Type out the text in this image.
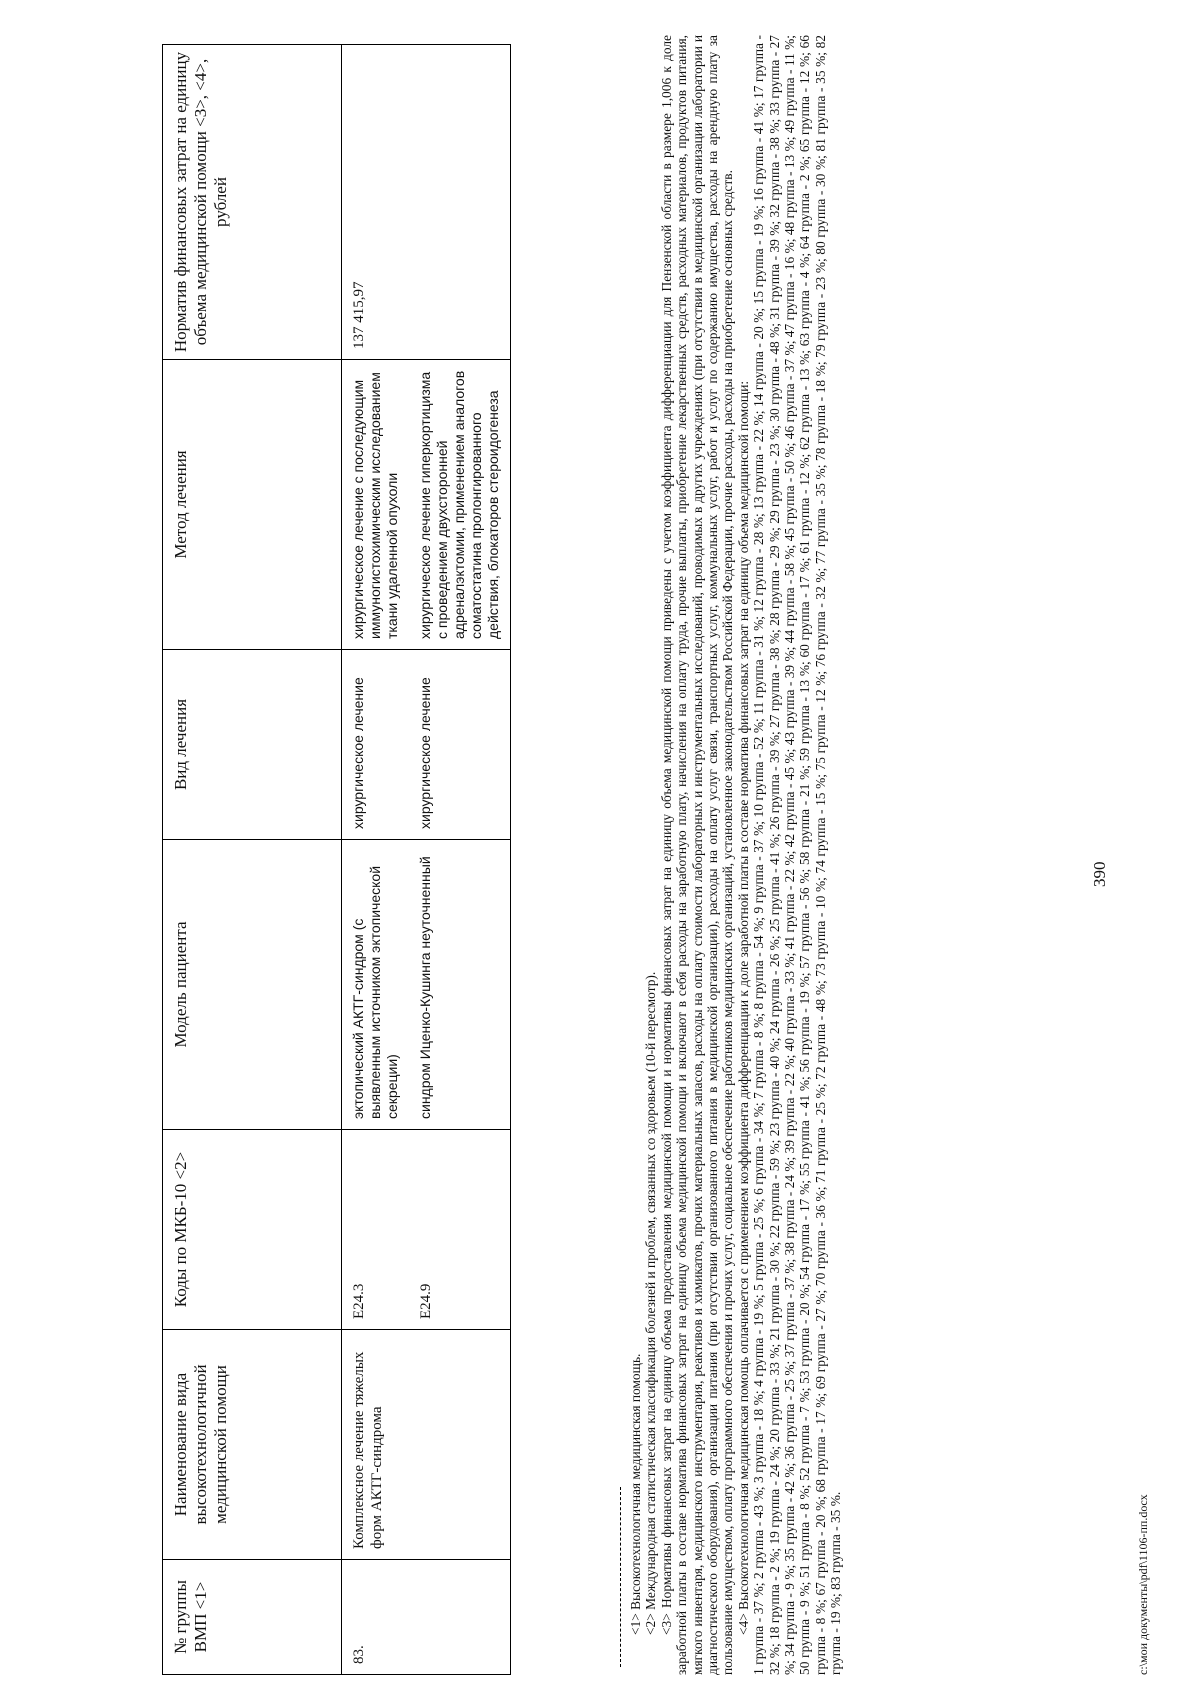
390
№ группы ВМП <1>	Наименование вида высокотехнологичной медицинской помощи	Коды по МКБ-10 <2>	Модель пациента	Вид лечения	Метод лечения	Норматив финансовых затрат на единицу объема медицинской помощи <3>, <4>, рублей
83.	Комплексное лечение тяжелых форм АКТГ-синдрома	E24.3	эктопический АКТГ-синдром (с выявленным источником эктопической секреции)	хирургическое лечение	хирургическое лечение с последующим иммуногистохимическим исследованием ткани удаленной опухоли	137 415,97
		E24.9	синдром Иценко-Кушинга неуточненный	хирургическое лечение	хирургическое лечение гиперкортицизма с проведением двухсторонней адреналэктомии, применением аналогов соматостатина пролонгированного действия, блокаторов стероидогенеза	

<1> Высокотехнологичная медицинская помощь. <2> Международная статистическая классификация болезней и проблем, связанных со здоровьем (10-й пересмотр). <3> Нормативы финансовых затрат на единицу объема предоставления медицинской помощи и нормативы финансовых затрат на единицу объема медицинской помощи приведены с учетом коэффициента дифференциации для Пензенской области в размере 1,006 к доле заработной платы в составе норматива финансовых затрат на единицу объема медицинской помощи и включают в себя расходы на заработную плату, начисления на оплату труда, прочие выплаты, приобретение лекарственных средств, расходных материалов, продуктов питания, мягкого инвентаря, медицинского инструментария, реактивов и химикатов, прочих материальных запасов, расходы на оплату стоимости лабораторных и инструментальных исследований, проводимых в других учреждениях (при отсутствии в медицинской организации лаборатории и диагностического оборудования), организации питания (при отсутствии организованного питания в медицинской организации), расходы на оплату услуг связи, транспортных услуг, коммунальных услуг, работ и услуг по содержанию имущества, расходы на арендную плату за пользование имуществом, оплату программного обеспечения и прочих услуг, социальное обеспечение работников медицинских организаций, установленное законодательством Российской Федерации, прочие расходы, расходы на приобретение основных средств. <4> Высокотехнологичная медицинская помощь оплачивается с применением коэффициента дифференциации к доле заработной платы в составе норматива финансовых затрат на единицу объема медицинской помощи: 1 группа - 37 %; 2 группа - 43 %; 3 группа - 18 %; 4 группа - 19 %; 5 группа - 25 %; 6 группа - 34 %; 7 группа - 8 %; 8 группа - 54 %; 9 группа - 37 %; 10 группа - 52 %; 11 группа - 31 %; 12 группа - 28 %; 13 группа - 22 %; 14 группа - 20 %; 15 группа - 19 %; 16 группа - 41 %; 17 группа - 32 %; 18 группа - 2 %; 19 группа - 24 %; 20 группа - 33 %; 21 группа - 30 %; 22 группа - 59 %; 23 группа - 40 %; 24 группа - 26 %; 25 группа - 41 %; 26 группа - 39 %; 27 группа - 38 %; 28 группа - 29 %; 29 группа - 23 %; 30 группа - 48 %; 31 группа - 39 %; 32 группа - 38 %; 33 группа - 27 %; 34 группа - 9 %; 35 группа - 42 %; 36 группа - 25 %; 37 группа - 37 %; 38 группа - 24 %; 39 группа - 22 %; 40 группа - 33 %; 41 группа - 22 %; 42 группа - 45 %; 43 группа - 39 %; 44 группа - 58 %; 45 группа - 50 %; 46 группа - 37 %; 47 группа - 16 %; 48 группа - 13 %; 49 группа - 11 %; 50 группа - 9 %; 51 группа - 8 %; 52 группа - 7 %; 53 группа - 20 %; 54 группа - 17 %; 55 группа - 41 %; 56 группа - 19 %; 57 группа - 56 %; 58 группа - 21 %; 59 группа - 13 %; 60 группа - 17 %; 61 группа - 12 %; 62 группа - 13 %; 63 группа - 4 %; 64 группа - 2 %; 65 группа - 12 %; 66 группа - 8 %; 67 группа - 20 %; 68 группа - 17 %; 69 группа - 27 %; 70 группа - 36 %; 71 группа - 25 %; 72 группа - 48 %; 73 группа - 10 %; 74 группа - 15 %; 75 группа - 12 %; 76 группа - 32 %; 77 группа - 35 %; 78 группа - 18 %; 79 группа - 23 %; 80 группа - 30 %; 81 группа - 35 %; 82 группа - 19 %; 83 группа - 35 %.	c:\мои документы\pdf\1106-пп.docx
